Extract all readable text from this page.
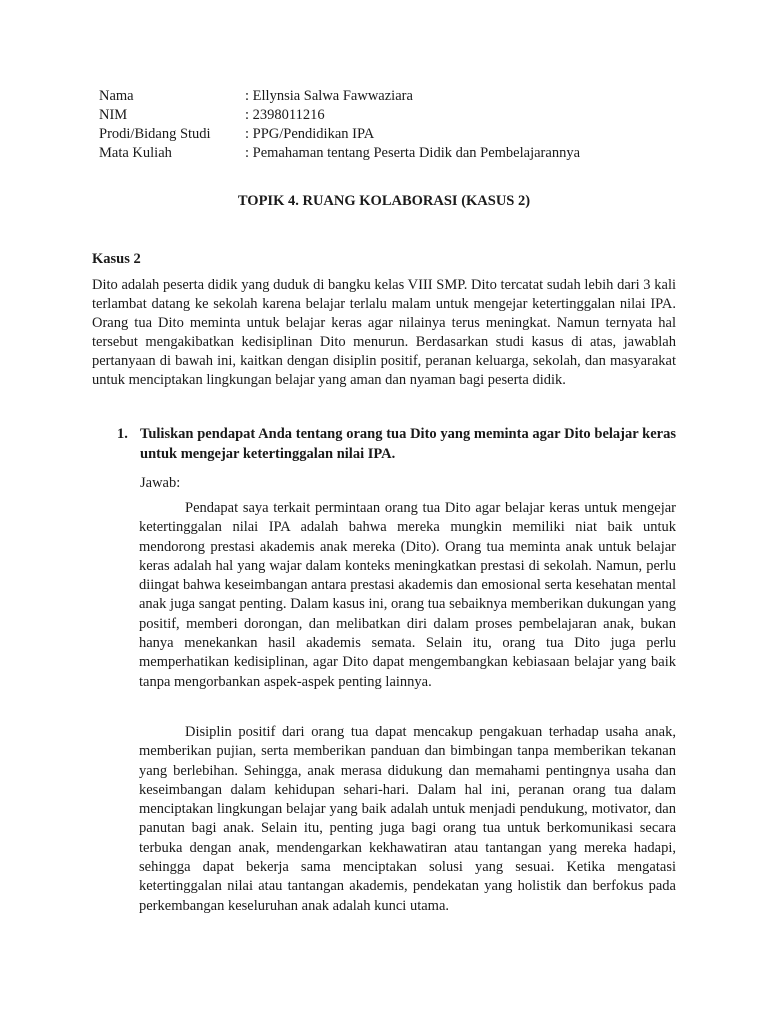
Nama	: Ellynsia Salwa Fawwaziara
NIM	: 2398011216
Prodi/Bidang Studi	: PPG/Pendidikan IPA
Mata Kuliah	: Pemahaman tentang Peserta Didik dan Pembelajarannya
TOPIK 4. RUANG KOLABORASI (KASUS 2)
Kasus 2

Dito adalah peserta didik yang duduk di bangku kelas VIII SMP. Dito tercatat sudah lebih dari 3 kali terlambat datang ke sekolah karena belajar terlalu malam untuk mengejar ketertinggalan nilai IPA. Orang tua Dito meminta untuk belajar keras agar nilainya terus meningkat. Namun ternyata hal tersebut mengakibatkan kedisiplinan Dito menurun. Berdasarkan studi kasus di atas, jawablah pertanyaan di bawah ini, kaitkan dengan disiplin positif, peranan keluarga, sekolah, dan masyarakat untuk menciptakan lingkungan belajar yang aman dan nyaman bagi peserta didik.

1. Tuliskan pendapat Anda tentang orang tua Dito yang meminta agar Dito belajar keras untuk mengejar ketertinggalan nilai IPA.

Jawab:

Pendapat saya terkait permintaan orang tua Dito agar belajar keras untuk mengejar ketertinggalan nilai IPA adalah bahwa mereka mungkin memiliki niat baik untuk mendorong prestasi akademis anak mereka (Dito). Orang tua meminta anak untuk belajar keras adalah hal yang wajar dalam konteks meningkatkan prestasi di sekolah. Namun, perlu diingat bahwa keseimbangan antara prestasi akademis dan emosional serta kesehatan mental anak juga sangat penting. Dalam kasus ini, orang tua sebaiknya memberikan dukungan yang positif, memberi dorongan, dan melibatkan diri dalam proses pembelajaran anak, bukan hanya menekankan hasil akademis semata. Selain itu, orang tua Dito juga perlu memperhatikan kedisiplinan, agar Dito dapat mengembangkan kebiasaan belajar yang baik tanpa mengorbankan aspek-aspek penting lainnya.

Disiplin positif dari orang tua dapat mencakup pengakuan terhadap usaha anak, memberikan pujian, serta memberikan panduan dan bimbingan tanpa memberikan tekanan yang berlebihan. Sehingga, anak merasa didukung dan memahami pentingnya usaha dan keseimbangan dalam kehidupan sehari-hari. Dalam hal ini, peranan orang tua dalam menciptakan lingkungan belajar yang baik adalah untuk menjadi pendukung, motivator, dan panutan bagi anak. Selain itu, penting juga bagi orang tua untuk berkomunikasi secara terbuka dengan anak, mendengarkan kekhawatiran atau tantangan yang mereka hadapi, sehingga dapat bekerja sama menciptakan solusi yang sesuai. Ketika mengatasi ketertinggalan nilai atau tantangan akademis, pendekatan yang holistik dan berfokus pada perkembangan keseluruhan anak adalah kunci utama.
